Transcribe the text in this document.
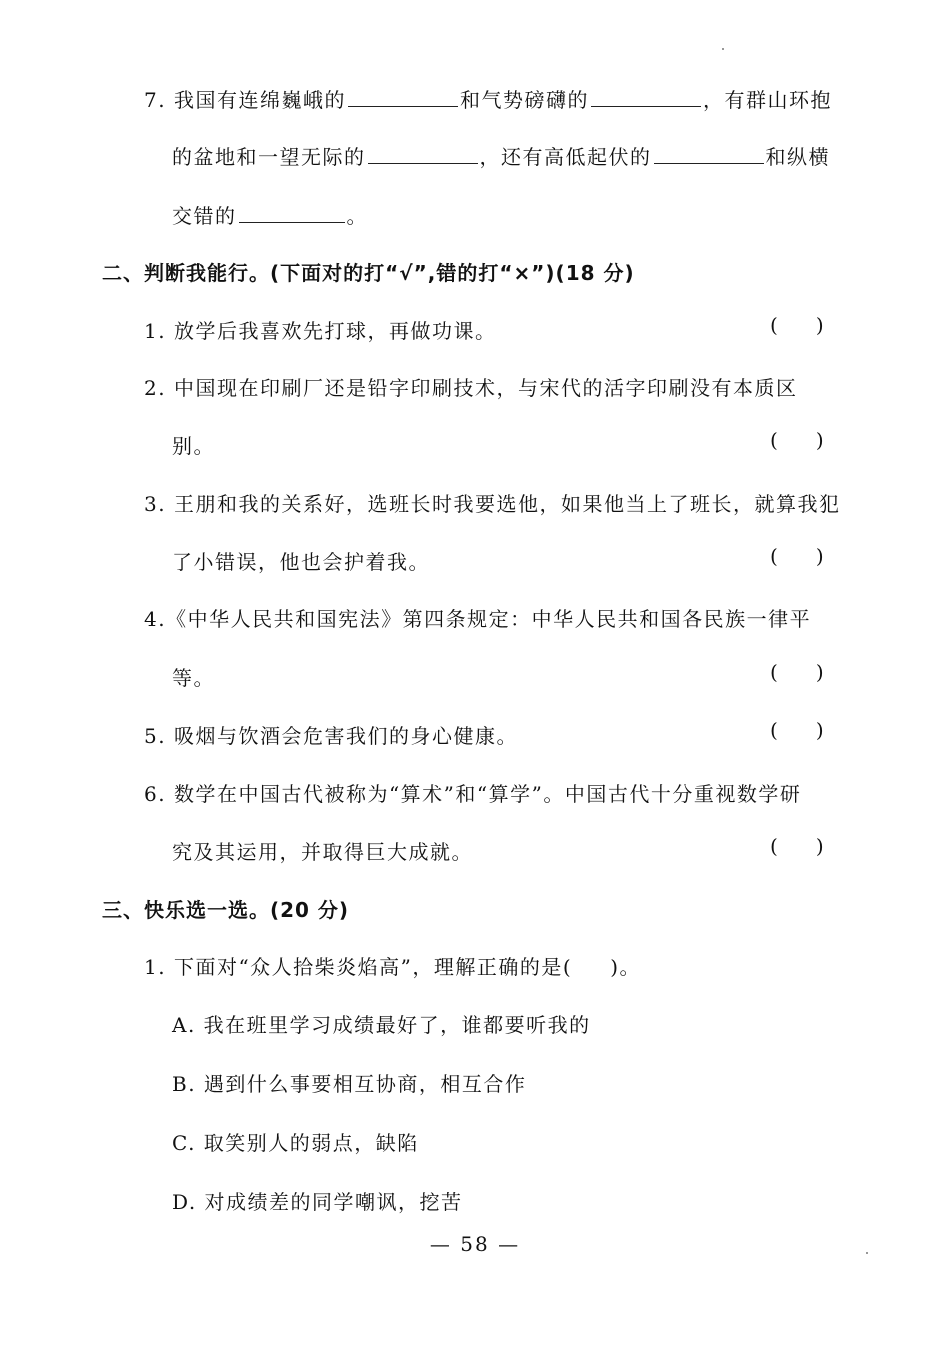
7. 我国有连绵巍峨的	和气势磅礴的	，有群山环抱
的盆地和一望无际的	，还有高低起伏的	和纵横
交错的	。
二、判断我能行。(下面对的打“√”,错的打“×”)(18 分)
1. 放学后我喜欢先打球，再做功课。	( )
2. 中国现在印刷厂还是铅字印刷技术，与宋代的活字印刷没有本质区
别。	( )
3. 王朋和我的关系好，选班长时我要选他，如果他当上了班长，就算我犯
了小错误，他也会护着我。	( )
4.《中华人民共和国宪法》第四条规定：中华人民共和国各民族一律平
等。	( )
5. 吸烟与饮酒会危害我们的身心健康。	( )
6. 数学在中国古代被称为“算术”和“算学”。中国古代十分重视数学研
究及其运用，并取得巨大成就。	( )
三、快乐选一选。(20 分)
1. 下面对“众人拾柴炎焰高”，理解正确的是( )。
A. 我在班里学习成绩最好了，谁都要听我的
B. 遇到什么事要相互协商，相互合作
C. 取笑别人的弱点，缺陷
D. 对成绩差的同学嘲讽，挖苦
— 58 —
